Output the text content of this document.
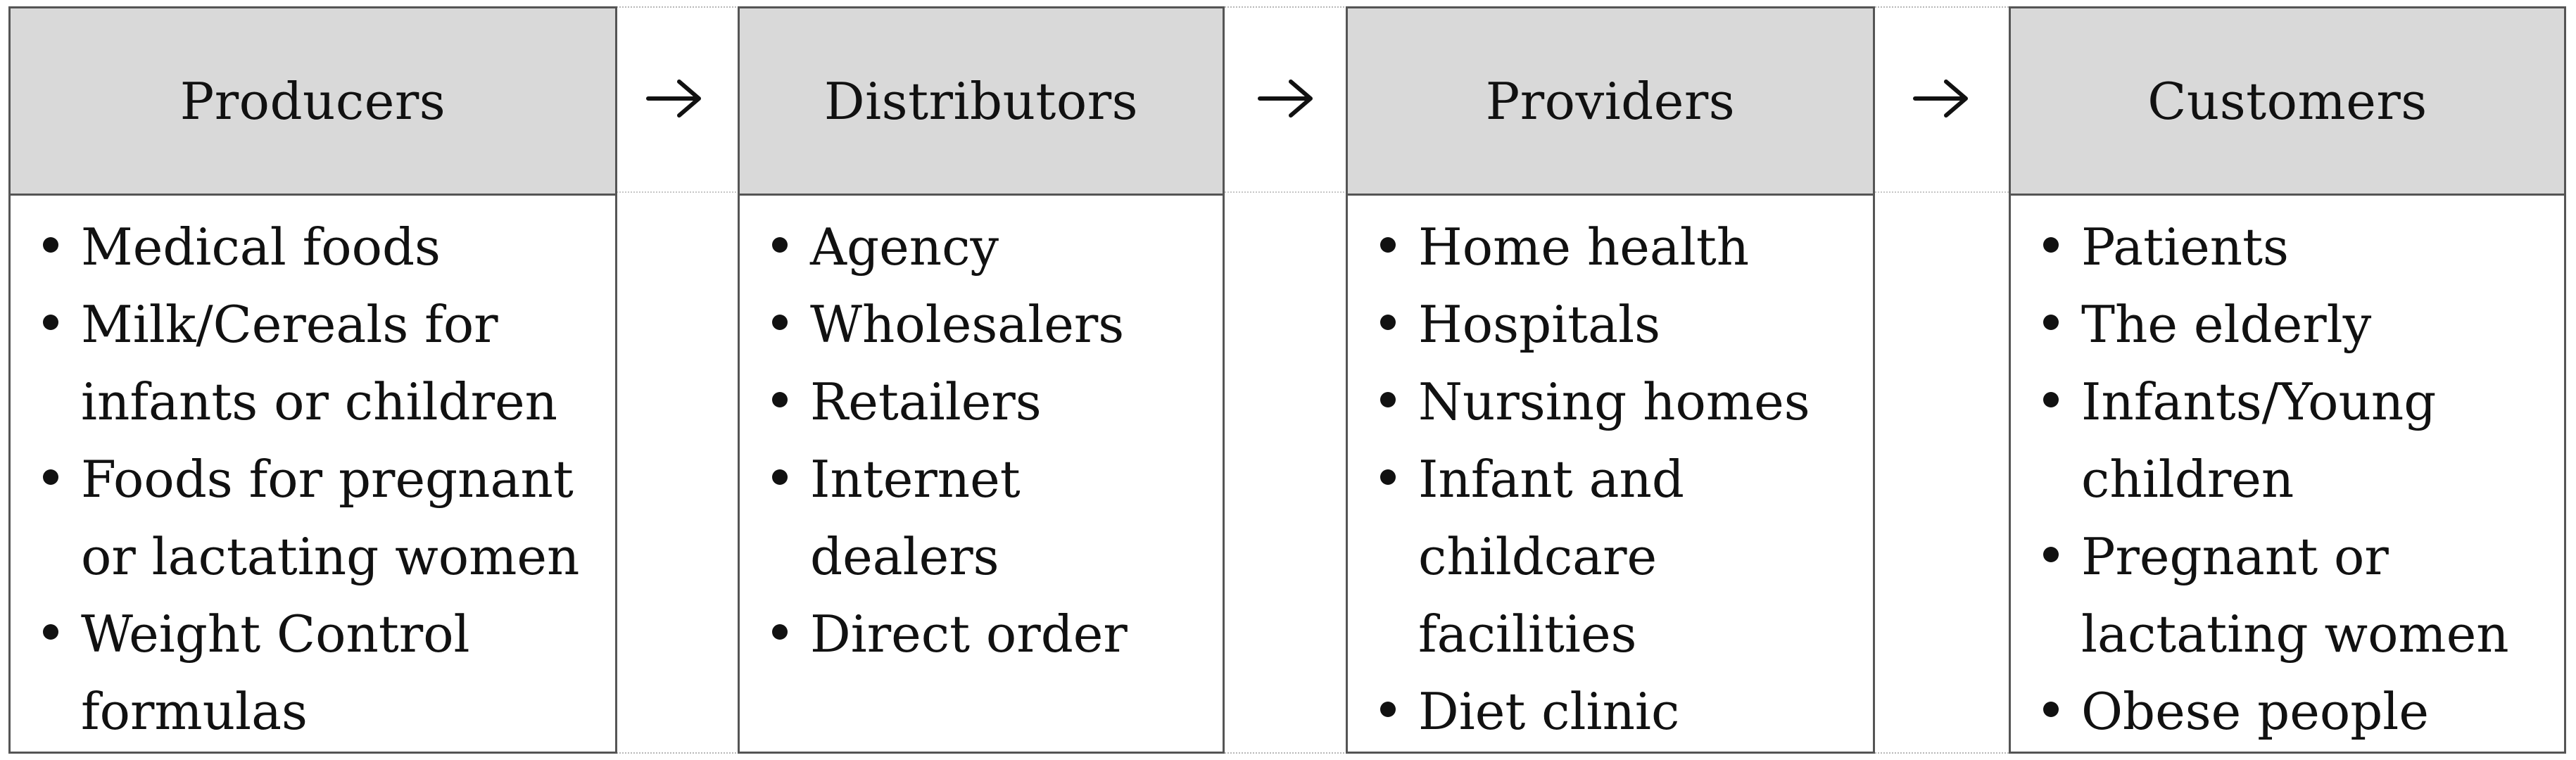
Producers
Medical foods
Milk/Cereals for
infants or children
Foods for pregnant
or lactating women
Weight Control
formulas
Distributors
Agency
Wholesalers
Retailers
Internet
dealers
Direct order
Providers
Home health
Hospitals
Nursing homes
Infant and
childcare
facilities
Diet clinic
Customers
Patients
The elderly
Infants/Young
children
Pregnant or
lactating women
Obese people
